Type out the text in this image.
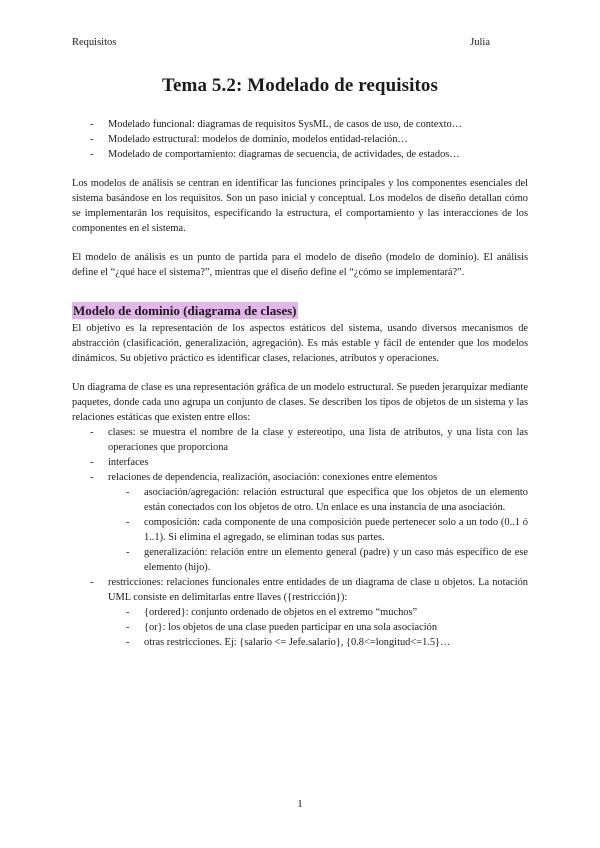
Requisitos	Julia
Tema 5.2: Modelado de requisitos
- Modelado funcional: diagramas de requisitos SysML, de casos de uso, de contexto…
- Modelado estructural: modelos de dominio, modelos entidad-relación…
- Modelado de comportamiento: diagramas de secuencia, de actividades, de estados…

Los modelos de análisis se centran en identificar las funciones principales y los componentes esenciales del sistema basándose en los requisitos. Son un paso inicial y conceptual. Los modelos de diseño detallan cómo se implementarán los requisitos, especificando la estructura, el comportamiento y las interacciones de los componentes en el sistema.

El modelo de análisis es un punto de partida para el modelo de diseño (modelo de dominio). El análisis define el “¿qué hace el sistema?”, mientras que el diseño define el “¿cómo se implementará?”.

Modelo de dominio (diagrama de clases)

El objetivo es la representación de los aspectos estáticos del sistema, usando diversos mecanismos de abstracción (clasificación, generalización, agregación). Es más estable y fácil de entender que los modelos dinámicos. Su objetivo práctico es identificar clases, relaciones, atributos y operaciones.

Un diagrama de clase es una representación gráfica de un modelo estructural. Se pueden jerarquizar mediante paquetes, donde cada uno agrupa un conjunto de clases. Se describen los tipos de objetos de un sistema y las relaciones estáticas que existen entre ellos:

- clases: se muestra el nombre de la clase y estereotipo, una lista de atributos, y una lista con las operaciones que proporciona
- interfaces
- relaciones de dependencia, realización, asociación: conexiones entre elementos
- asociación/agregación: relación estructural que especifica que los objetos de un elemento están conectados con los objetos de otro. Un enlace es una instancia de una asociación.
- composición: cada componente de una composición puede pertenecer solo a un todo (0..1 ó 1..1). Si elimina el agregado, se eliminan todas sus partes.
- generalización: relación entre un elemento general (padre) y un caso más específico de ese elemento (hijo).
- restricciones: relaciones funcionales entre entidades de un diagrama de clase u objetos. La notación UML consiste en delimitarlas entre llaves ({restricción}):
- {ordered}: conjunto ordenado de objetos en el extremo “muchos”
- {or}: los objetos de una clase pueden participar en una sola asociación
- otras restricciones. Ej: {salario <= Jefe.salario}, {0.8<=longitud<=1.5}…
1
